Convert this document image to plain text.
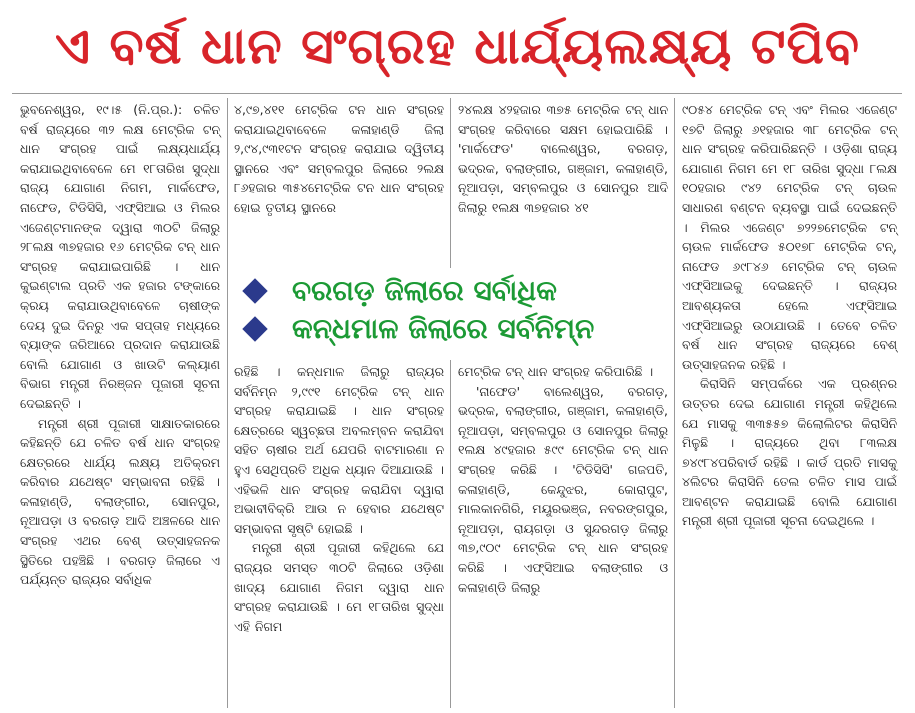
ଏ ବର୍ଷ ଧାନ ସଂଗ୍ରହ ଧାର୍ଯ୍ୟଲକ୍ଷ୍ୟ ଟପିବ

ଭୁବନେଶ୍ୱର, ୧୯।୫ (ନି.ପ୍ର.): ଚଳିତ ବର୍ଷ ରାଜ୍ୟରେ ୩୨ ଲକ୍ଷ ମେଟ୍ରିକ ଟନ୍ ଧାନ ସଂଗ୍ରହ ପାଇଁ ଲକ୍ଷ୍ୟଧାର୍ଯ୍ୟ କରାଯାଇଥିବାବେଳେ ମେ ୧୮ତାରିଖ ସୁଦ୍ଧା ରାଜ୍ୟ ଯୋଗାଣ ନିଗମ, ମାର୍କଫେଡ, ନାଫେଡ, ଟିଡିସିସି, ଏଫ୍‌ସିଆଇ ଓ ମିଲର ଏଜେଣ୍ଟମାନଙ୍କ ଦ୍ୱାରା ୩୦ଟି ଜିଲାରୁ ୨୮ଲକ୍ଷ ୩୭ହଜାର ୧୬ ମେଟ୍ରିକ ଟନ୍ ଧାନ ସଂଗ୍ରହ କରାଯାଇପାରିଛି । ଧାନ କୁଇଣ୍ଟାଲ ପ୍ରତି ଏକ ହଜାର ଟଙ୍କାରେ କ୍ରୟ କରାଯାଉଥିବାବେଳେ ଚାଷୀଙ୍କ ଦେୟ ଦୁଇ ଦିନରୁ ଏକ ସପ୍ତାହ ମଧ୍ୟରେ ବ୍ୟାଙ୍କ ଜରିଆରେ ପ୍ରଦାନ କରାଯାଉଛି ବୋଲି ଯୋଗାଣ ଓ ଖାଉଟି କଲ୍ୟାଣ ବିଭାଗ ମନ୍ତ୍ରୀ ନିରଞ୍ଜନ ପୂଜାରୀ ସୂଚନା ଦେଇଛନ୍ତି ।

ମନ୍ତ୍ରୀ ଶ୍ରୀ ପୂଜାରୀ ସାକ୍ଷାତକାରରେ କହିଛନ୍ତି ଯେ ଚଳିତ ବର୍ଷ ଧାନ ସଂଗ୍ରହ କ୍ଷେତ୍ରରେ ଧାର୍ଯ୍ୟ ଲକ୍ଷ୍ୟ ଅତିକ୍ରମ କରିବାର ଯଥେଷ୍ଟ ସମ୍ଭାବନା ରହିଛି । କଳାହାଣ୍ଡି, ବଲାଙ୍ଗୀର, ସୋନପୁର, ନୂଆପଡ଼ା ଓ ବରଗଡ଼ ଆଦି ଅଞ୍ଚଳରେ ଧାନ ସଂଗ୍ରହ ଏଥର ବେଶ୍ ଉତ୍ସାହଜନକ ସ୍ଥିତିରେ ପହଞ୍ଚିଛି । ବରଗଡ଼ ଜିଲାରେ ଏ ପର୍ଯ୍ୟନ୍ତ ରାଜ୍ୟର ସର୍ବାଧିକ

୪,୯୭,୪୧୧ ମେଟ୍ରିକ ଟନ ଧାନ ସଂଗ୍ରହ କରାଯାଇଥିବାବେଳେ କଳାହାଣ୍ଡି ଜିଲା ୨,୯୪,୯୩୧ଟନ ସଂଗ୍ରହ କରାଯାଇ ଦ୍ୱିତୀୟ ସ୍ଥାନରେ ଏବଂ ସମ୍ବଲପୁର ଜିଲାରେ ୨ଲକ୍ଷ ୮୬ହଜାର ୩୫୪ମେଟ୍ରିକ ଟନ ଧାନ ସଂଗ୍ରହ ହୋଇ ତୃତୀୟ ସ୍ଥାନରେ

୨୪ଲକ୍ଷ ୪୨ହଜାର ୩୭୫ ମେଟ୍ରିକ ଟନ୍ ଧାନ ସଂଗ୍ରହ କରିବାରେ ସକ୍ଷମ ହୋଇପାରିଛି । 'ମାର୍କଫେଡ' ବାଲେଶ୍ୱର, ବରଗଡ଼, ଭଦ୍ରକ, ବଲାଙ୍ଗୀର, ଗଞ୍ଜାମ, କଳାହାଣ୍ଡି, ନୂଆପଡ଼ା, ସମ୍ବଲପୁର ଓ ସୋନପୁର ଆଦି ଜିଲାରୁ ୧ଲକ୍ଷ ୩୭ହଜାର ୪୧

ବରଗଡ଼ ଜିଲାରେ ସର୍ବାଧିକ
କନ୍ଧମାଳ ଜିଲାରେ ସର୍ବନିମ୍ନ

ରହିଛି । କନ୍ଧମାଳ ଜିଲାରୁ ରାଜ୍ୟର ସର୍ବନିମ୍ନ ୨,୯୯୧ ମେଟ୍ରିକ ଟନ୍ ଧାନ ସଂଗ୍ରହ କରାଯାଇଛି । ଧାନ ସଂଗ୍ରହ କ୍ଷେତ୍ରରେ ସ୍ୱଚ୍ଛତା ଅବଲମ୍ବନ କରାଯିବା ସହିତ ଚାଷୀର ଅର୍ଥ ଯେପରି ବାଟମାରଣା ନ ହୁଏ ସେଥିପ୍ରତି ଅଧିକ ଧ୍ୟାନ ଦିଆଯାଉଛି । ଏହିଭଳି ଧାନ ସଂଗ୍ରହ କରାଯିବା ଦ୍ୱାରା ଅଭାବୀବିକ୍ରି ଆଉ ନ ହେବାର ଯଥେଷ୍ଟ ସମ୍ଭାବନା ସୃଷ୍ଟି ହୋଇଛି ।

ମନ୍ତ୍ରୀ ଶ୍ରୀ ପୂଜାରୀ କହିଥିଲେ ଯେ ରାଜ୍ୟର ସମସ୍ତ ୩୦ଟି ଜିଲାରେ ଓଡ଼ିଶା ଖାଦ୍ୟ ଯୋଗାଣ ନିଗମ ଦ୍ୱାରା ଧାନ ସଂଗ୍ରହ କରାଯାଉଛି । ମେ ୧୮ତାରିଖ ସୁଦ୍ଧା ଏହି ନିଗମ

ମେଟ୍ରିକ ଟନ୍ ଧାନ ସଂଗ୍ରହ କରିପାରିଛି ।

'ନାଫେଡ' ବାଲେଶ୍ୱର, ବରଗଡ଼, ଭଦ୍ରକ, ବଲାଙ୍ଗୀର, ଗଞ୍ଜାମ, କଳାହାଣ୍ଡି, ନୂଆପଡ଼ା, ସମ୍ବଲପୁର ଓ ସୋନପୁର ଜିଲାରୁ ୧ଲକ୍ଷ ୪୯ହଜାର ୫୯୯ ମେଟ୍ରିକ ଟନ୍ ଧାନ ସଂଗ୍ରହ କରିଛି । 'ଟିଡିସିସି' ଗଜପତି, କଳାହାଣ୍ଡି, କେନ୍ଦୁଝର, କୋରାପୁଟ, ମାଲକାନଗିରି, ମୟୂରଭଞ୍ଜ, ନବରଙ୍ଗପୁର, ନୂଆପଡ଼ା, ରାୟଗଡ଼ା ଓ ସୁନ୍ଦରଗଡ଼ ଜିଲାରୁ ୩୭,୯୦୯ ମେଟ୍ରିକ ଟନ୍ ଧାନ ସଂଗ୍ରହ କରିଛି । ଏଫ୍‌ସିଆଇ ବଲାଙ୍ଗୀର ଓ କଳାହାଣ୍ଡି ଜିଲାରୁ

୯୦୫୪ ମେଟ୍ରିକ ଟନ୍ ଏବଂ ମିଲର ଏଜେଣ୍ଟ ୧୭ଟି ଜିଲାରୁ ୬୧ହଜାର ୩୮ ମେଟ୍ରିକ ଟନ୍ ଧାନ ସଂଗ୍ରହ କରିପାରିଛନ୍ତି । ଓଡ଼ିଶା ରାଜ୍ୟ ଯୋଗାଣ ନିଗମ ମେ ୧୮ ତାରିଖ ସୁଦ୍ଧା ୮ଲକ୍ଷ ୧୦ହଜାର ୯୪୨ ମେଟ୍ରିକ ଟନ୍ ଚାଉଳ ସାଧାରଣ ବଣ୍ଟନ ବ୍ୟବସ୍ଥା ପାଇଁ ଦେଇଛନ୍ତି । ମିଲର ଏଜେଣ୍ଟ ୭୨୨୭ମେଟ୍ରିକ ଟନ୍ ଚାଉଳ ମାର୍କଫେଡ ୫୦୧୭୮ ମେଟ୍ରିକ ଟନ୍, ନାଫେଡ ୬୯୮୪୬ ମେଟ୍ରିକ ଟନ୍ ଚାଉଳ ଏଫ୍‌ସିଆଇକୁ ଦେଇଛନ୍ତି । ରାଜ୍ୟର ଆବଶ୍ୟକତା ହେଲେ ଏଫ୍‌ସିଆଇ ଏଫ୍‌ସିଆଇରୁ ଉଠାଯାଉଛି । ତେବେ ଚଳିତ ବର୍ଷ ଧାନ ସଂଗ୍ରହ ରାଜ୍ୟରେ ବେଶ୍ ଉତ୍ସାହଜନକ ରହିଛି ।

କିରାସିନି ସମ୍ପର୍କରେ ଏକ ପ୍ରଶ୍ନର ଉତ୍ତର ଦେଇ ଯୋଗାଣ ମନ୍ତ୍ରୀ କହିଥିଲେ ଯେ ମାସକୁ ୩୩୫୫୭ କିଲୋଲିଟର କିରାସିନି ମିଳୁଛି । ରାଜ୍ୟରେ ଥିବା ୮୩ଲକ୍ଷ ୭୪୯୮୪ପରିବାର୍ଡ ରହିଛି । କାର୍ଡ ପ୍ରତି ମାସକୁ ୪ଲିଟର କିରାସିନି ତେଲ ଚଳିତ ମାସ ପାଇଁ ଆବଣ୍ଟନ କରାଯାଇଛି ବୋଲି ଯୋଗାଣ ମନ୍ତ୍ରୀ ଶ୍ରୀ ପୂଜାରୀ ସୂଚନା ଦେଇଥିଲେ ।
